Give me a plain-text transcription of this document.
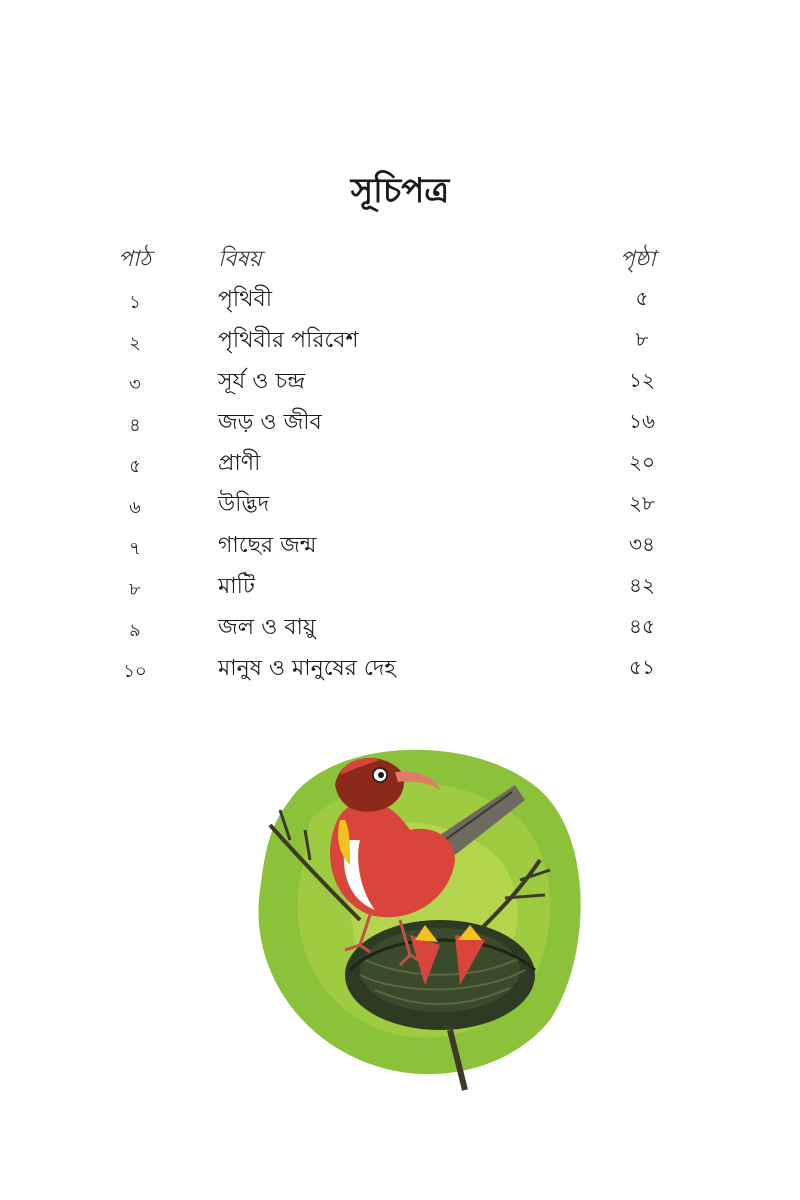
সূচিপত্র
পাঠ	বিষয়	পৃষ্ঠা
১	পৃথিবী	৫
২	পৃথিবীর পরিবেশ	৮
৩	সূর্য ও চন্দ্র	১২
৪	জড় ও জীব	১৬
৫	প্রাণী	২০
৬	উদ্ভিদ	২৮
৭	গাছের জন্ম	৩৪
৮	মাটি	৪২
৯	জল ও বায়ু	৪৫
১০	মানুষ ও মানুষের দেহ	৫১
